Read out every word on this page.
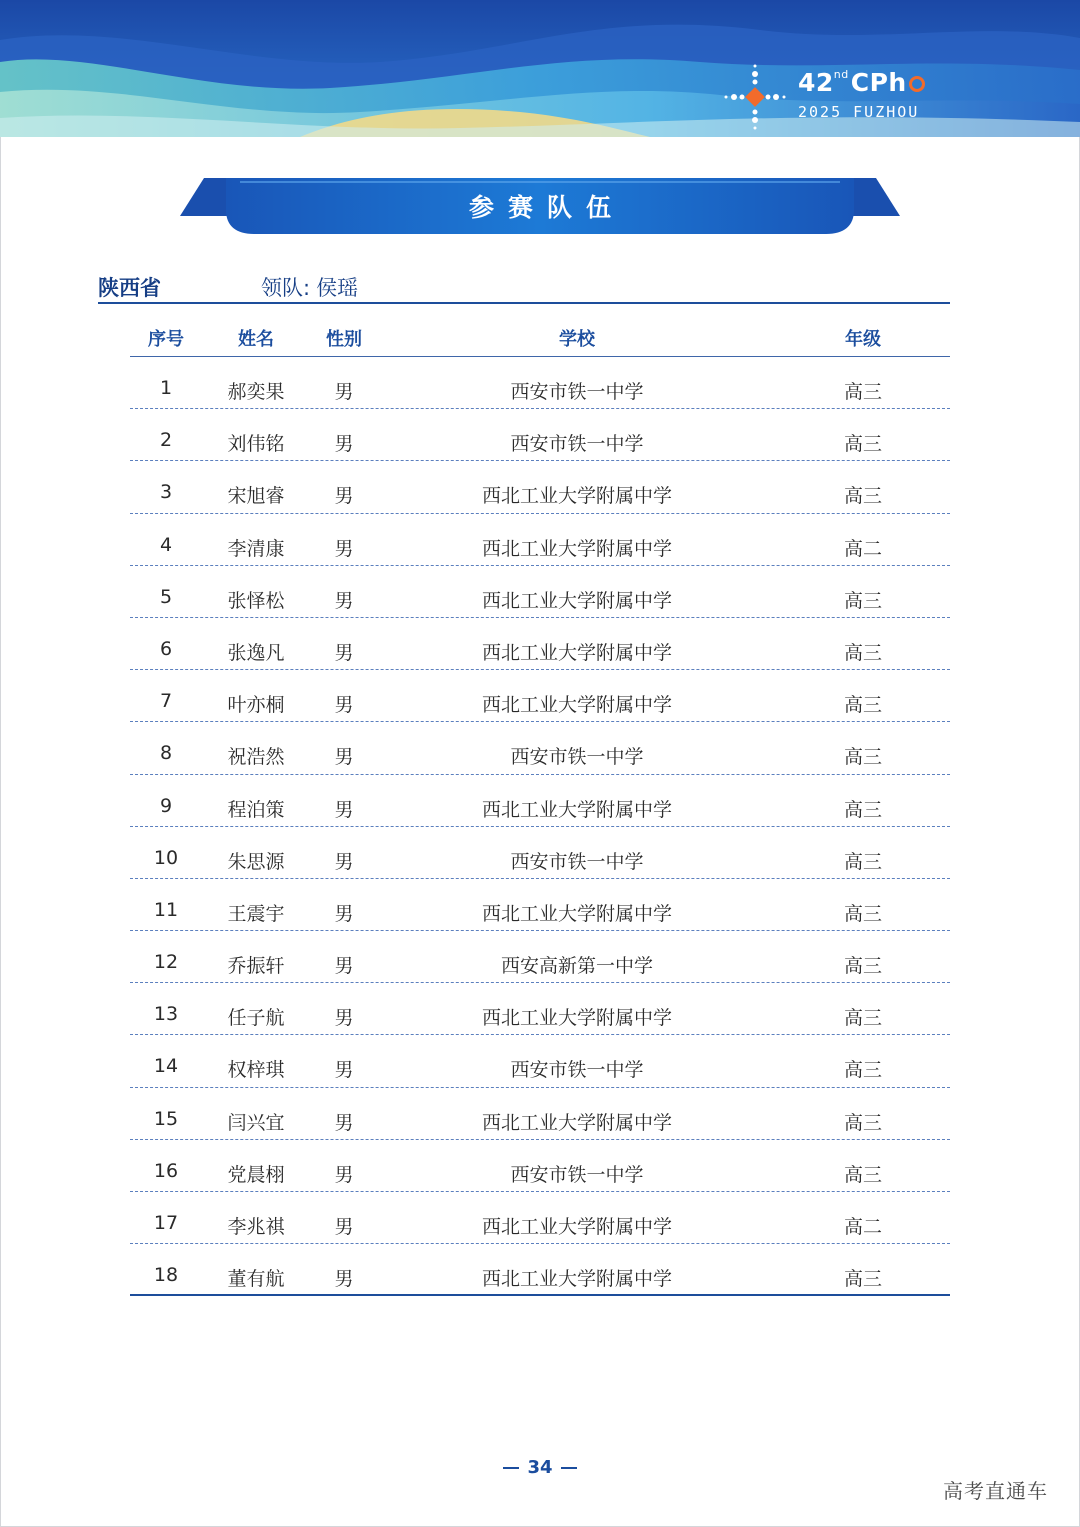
42ndCPh
2025 FUZHOU
参赛队伍
陕西省	领队: 侯瑶
序号	姓名	性别	学校	年级
1	郝奕果	男	西安市铁一中学	高三
2	刘伟铭	男	西安市铁一中学	高三
3	宋旭睿	男	西北工业大学附属中学	高三
4	李清康	男	西北工业大学附属中学	高二
5	张怿松	男	西北工业大学附属中学	高三
6	张逸凡	男	西北工业大学附属中学	高三
7	叶亦桐	男	西北工业大学附属中学	高三
8	祝浩然	男	西安市铁一中学	高三
9	程泊策	男	西北工业大学附属中学	高三
10	朱思源	男	西安市铁一中学	高三
11	王震宇	男	西北工业大学附属中学	高三
12	乔振轩	男	西安高新第一中学	高三
13	任子航	男	西北工业大学附属中学	高三
14	权梓琪	男	西安市铁一中学	高三
15	闫兴宜	男	西北工业大学附属中学	高三
16	党晨栩	男	西安市铁一中学	高三
17	李兆祺	男	西北工业大学附属中学	高二
18	董有航	男	西北工业大学附属中学	高三
34
高考直通车
